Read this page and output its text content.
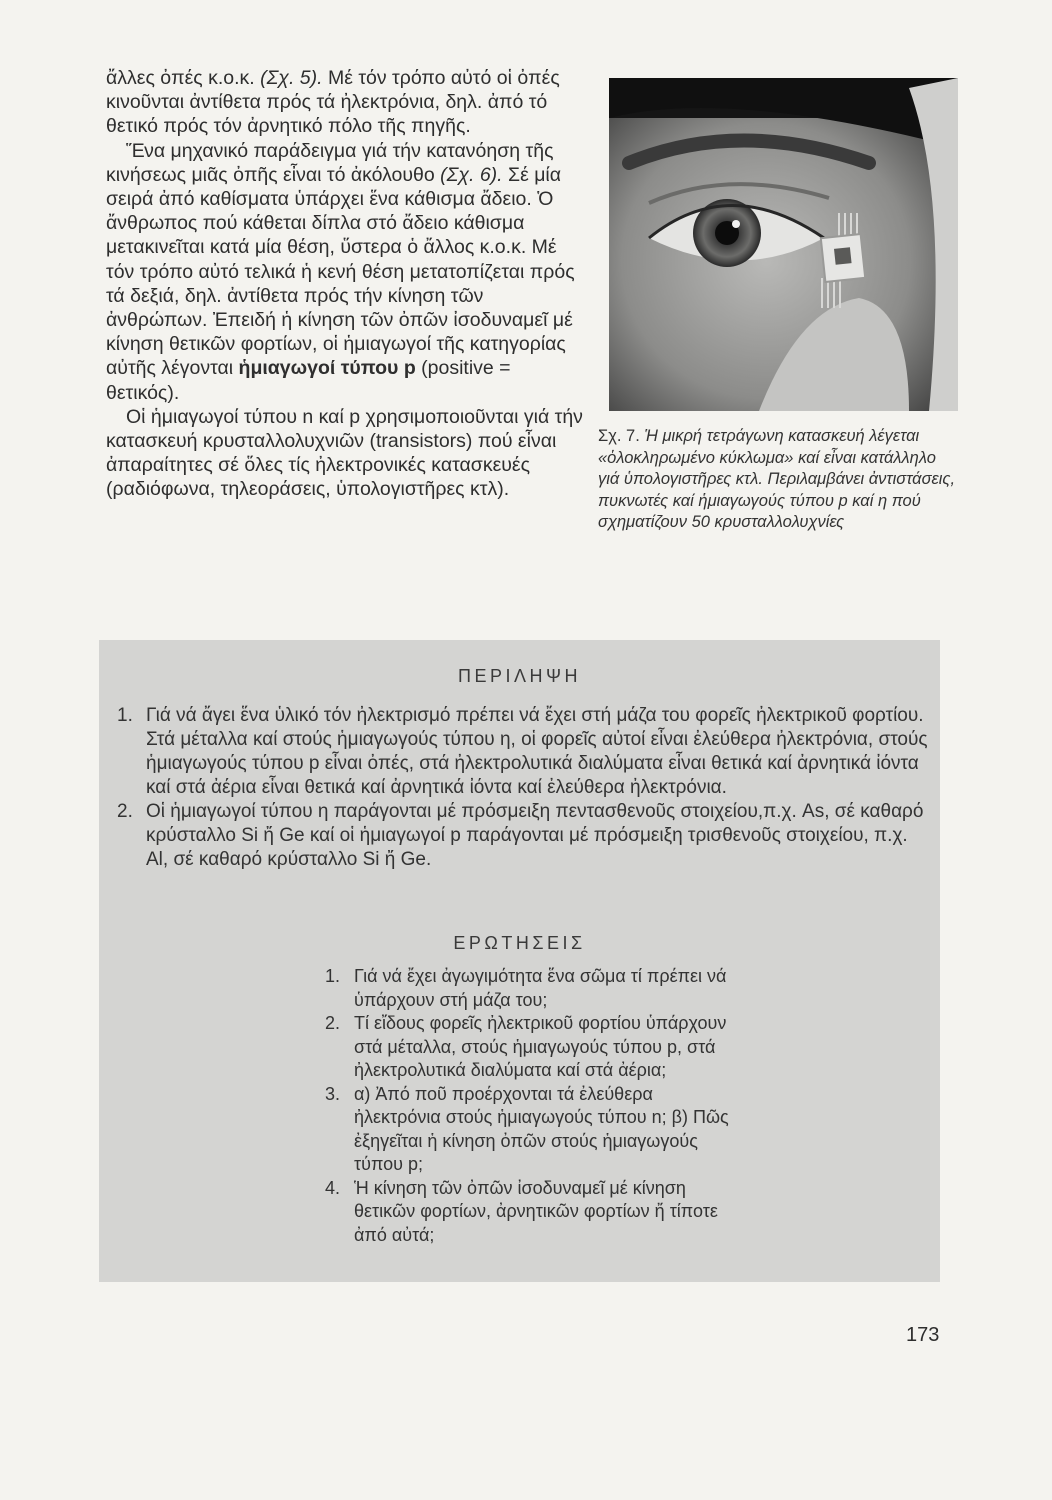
ἄλλες ὀπές κ.ο.κ. (Σχ. 5). Μέ τόν τρόπο αὐτό οἱ ὀπές κινοῦνται ἀντίθετα πρός τά ἠλεκτρόνια, δηλ. ἀπό τό θετικό πρός τόν ἀρνητικό πόλο τῆς πηγῆς.

Ἕνα μηχανικό παράδειγμα γιά τήν κατανόηση τῆς κινήσεως μιᾶς ὀπῆς εἶναι τό ἀκόλουθο (Σχ. 6). Σέ μία σειρά ἀπό καθίσματα ὑπάρχει ἕνα κάθισμα ἄδειο. Ὁ ἄνθρωπος πού κάθεται δίπλα στό ἄδειο κάθισμα μετακινεῖται κατά μία θέση, ὕστερα ὁ ἄλλος κ.ο.κ. Μέ τόν τρόπο αὐτό τελικά ἡ κενή θέση μετατοπίζεται πρός τά δεξιά, δηλ. ἀντίθετα πρός τήν κίνηση τῶν ἀνθρώπων. Ἐπειδή ἡ κίνηση τῶν ὀπῶν ἰσοδυναμεῖ μέ κίνηση θετικῶν φορτίων, οἱ ἡμιαγωγοί τῆς κατηγορίας αὐτῆς λέγονται ἡμιαγωγοί τύπου p (positive = θετικός).

Οἱ ἡμιαγωγοί τύπου n καί p χρησιμοποιοῦνται γιά τήν κατασκευή κρυσταλλολυχνιῶν (transistors) πού εἶναι ἀπαραίτητες σέ ὅλες τίς ἠλεκτρονικές κατασκευές (ραδιόφωνα, τηλεοράσεις, ὑπολογιστῆρες κτλ).

Σχ. 7. Ἡ μικρή τετράγωνη κατασκευή λέγεται «ὁλοκληρωμένο κύκλωμα» καί εἶναι κατάλληλο γιά ὑπολογιστῆρες κτλ. Περιλαμβάνει ἀντιστάσεις, πυκνωτές καί ἡμιαγωγούς τύπου p καί η πού σχηματίζουν 50 κρυσταλλολυχνίες
ΠΕΡΙΛΗΨΗ
1. Γιά νά ἄγει ἕνα ὑλικό τόν ἠλεκτρισμό πρέπει νά ἔχει στή μάζα του φορεῖς ἠλεκτρικοῦ φορτίου. Στά μέταλλα καί στούς ἡμιαγωγούς τύπου η, οἱ φορεῖς αὐτοί εἶναι ἐλεύθερα ἠλεκτρόνια, στούς ἡμιαγωγούς τύπου p εἶναι ὀπές, στά ἠλεκτρολυτικά διαλύματα εἶναι θετικά καί ἀρνητικά ἰόντα καί στά ἀέρια εἶναι θετικά καί ἀρνητικά ἰόντα καί ἐλεύθερα ἠλεκτρόνια.
2. Οἱ ἡμιαγωγοί τύπου η παράγονται μέ πρόσμειξη πεντασθενοῦς στοιχείου,π.χ. As, σέ καθαρό κρύσταλλο Si ἤ Ge καί οἱ ἡμιαγωγοί p παράγονται μέ πρόσμειξη τρισθενοῦς στοιχείου, π.χ. Al, σέ καθαρό κρύσταλλο Si ἤ Ge.
ΕΡΩΤΗΣΕΙΣ
1. Γιά νά ἔχει ἀγωγιμότητα ἕνα σῶμα τί πρέπει νά ὑπάρχουν στή μάζα του;
2. Τί εἴδους φορεῖς ἠλεκτρικοῦ φορτίου ὑπάρχουν στά μέταλλα, στούς ἡμιαγωγούς τύπου p, στά ἠλεκτρολυτικά διαλύματα καί στά ἀέρια;
3. α) Ἀπό ποῦ προέρχονται τά ἐλεύθερα ἠλεκτρόνια στούς ἡμιαγωγούς τύπου n; β) Πῶς ἐξηγεῖται ἡ κίνηση ὀπῶν στούς ἡμιαγωγούς τύπου p;
4. Ἡ κίνηση τῶν ὀπῶν ἰσοδυναμεῖ μέ κίνηση θετικῶν φορτίων, ἀρνητικῶν φορτίων ἤ τίποτε ἀπό αὐτά;
173
